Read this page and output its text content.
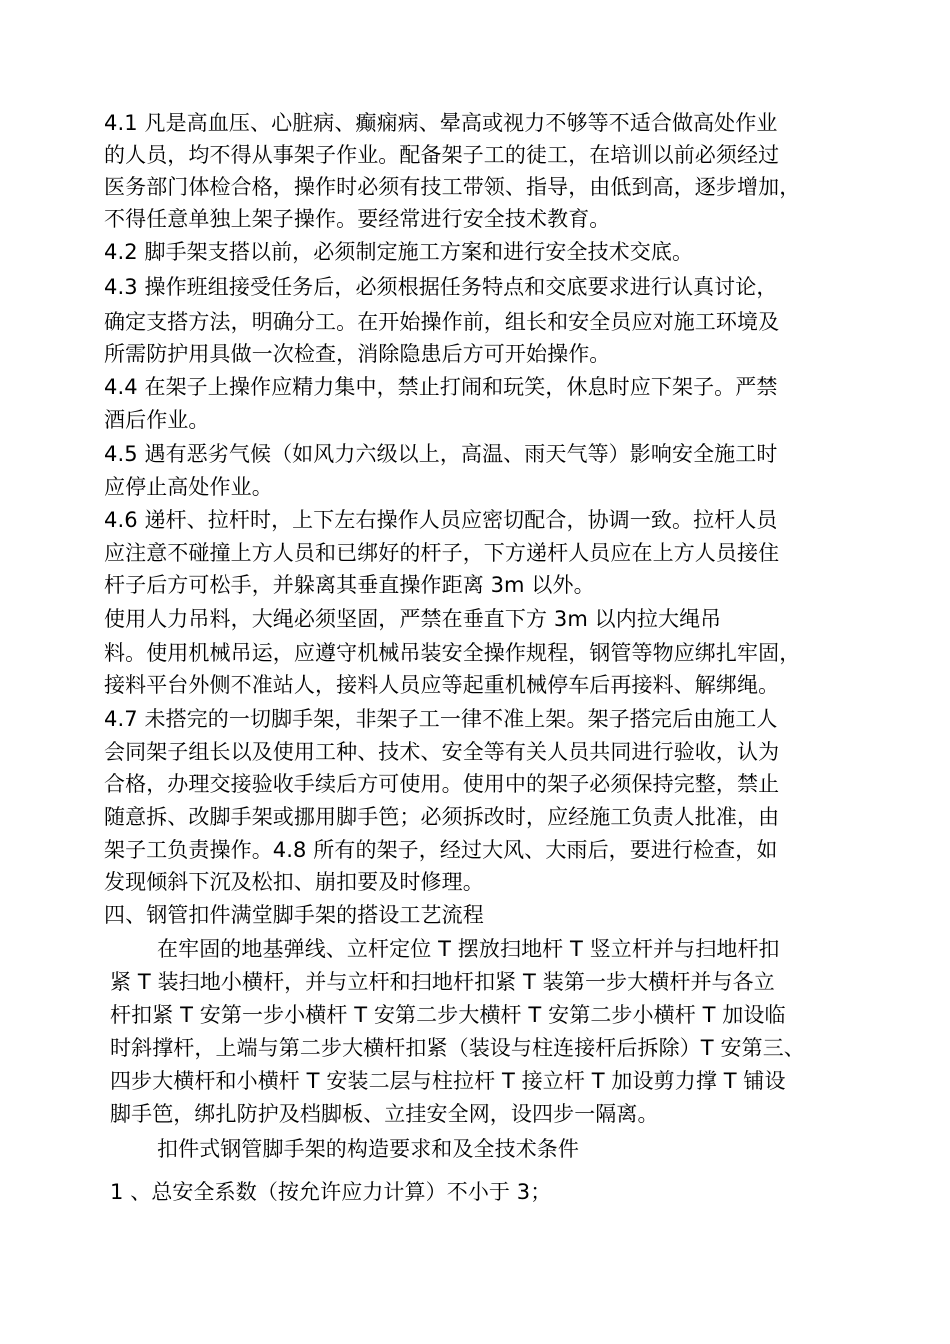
4.1 凡是高血压、心脏病、癫痫病、晕高或视力不够等不适合做高处作业
的人员，均不得从事架子作业。配备架子工的徒工，在培训以前必须经过
医务部门体检合格，操作时必须有技工带领、指导，由低到高，逐步增加，
不得任意单独上架子操作。要经常进行安全技术教育。
4.2 脚手架支搭以前，必须制定施工方案和进行安全技术交底。
4.3 操作班组接受任务后，必须根据任务特点和交底要求进行认真讨论，
确定支搭方法，明确分工。在开始操作前，组长和安全员应对施工环境及
所需防护用具做一次检查，消除隐患后方可开始操作。
4.4 在架子上操作应精力集中，禁止打闹和玩笑，休息时应下架子。严禁
酒后作业。
4.5 遇有恶劣气候（如风力六级以上，高温、雨天气等）影响安全施工时
应停止高处作业。
4.6 递杆、拉杆时，上下左右操作人员应密切配合，协调一致。拉杆人员
应注意不碰撞上方人员和已绑好的杆子，下方递杆人员应在上方人员接住
杆子后方可松手，并躲离其垂直操作距离 3m 以外。
使用人力吊料，大绳必须坚固，严禁在垂直下方 3m 以内拉大绳吊
料。使用机械吊运，应遵守机械吊装安全操作规程，钢管等物应绑扎牢固，
接料平台外侧不准站人，接料人员应等起重机械停车后再接料、解绑绳。
4.7 未搭完的一切脚手架，非架子工一律不准上架。架子搭完后由施工人
会同架子组长以及使用工种、技术、安全等有关人员共同进行验收，认为
合格，办理交接验收手续后方可使用。使用中的架子必须保持完整，禁止
随意拆、改脚手架或挪用脚手笆；必须拆改时，应经施工负责人批准，由
架子工负责操作。4.8 所有的架子，经过大风、大雨后，要进行检查，如
发现倾斜下沉及松扣、崩扣要及时修理。
四、钢管扣件满堂脚手架的搭设工艺流程
在牢固的地基弹线、立杆定位 T 摆放扫地杆 T 竖立杆并与扫地杆扣
紧 T 装扫地小横杆，并与立杆和扫地杆扣紧 T 装第一步大横杆并与各立
杆扣紧 T 安第一步小横杆 T 安第二步大横杆 T 安第二步小横杆 T 加设临
时斜撑杆，上端与第二步大横杆扣紧（装设与柱连接杆后拆除）T 安第三、
四步大横杆和小横杆 T 安装二层与柱拉杆 T 接立杆 T 加设剪力撑 T 铺设
脚手笆，绑扎防护及档脚板、立挂安全网，设四步一隔离。
扣件式钢管脚手架的构造要求和及全技术条件
1 、总安全系数（按允许应力计算）不小于 3；
